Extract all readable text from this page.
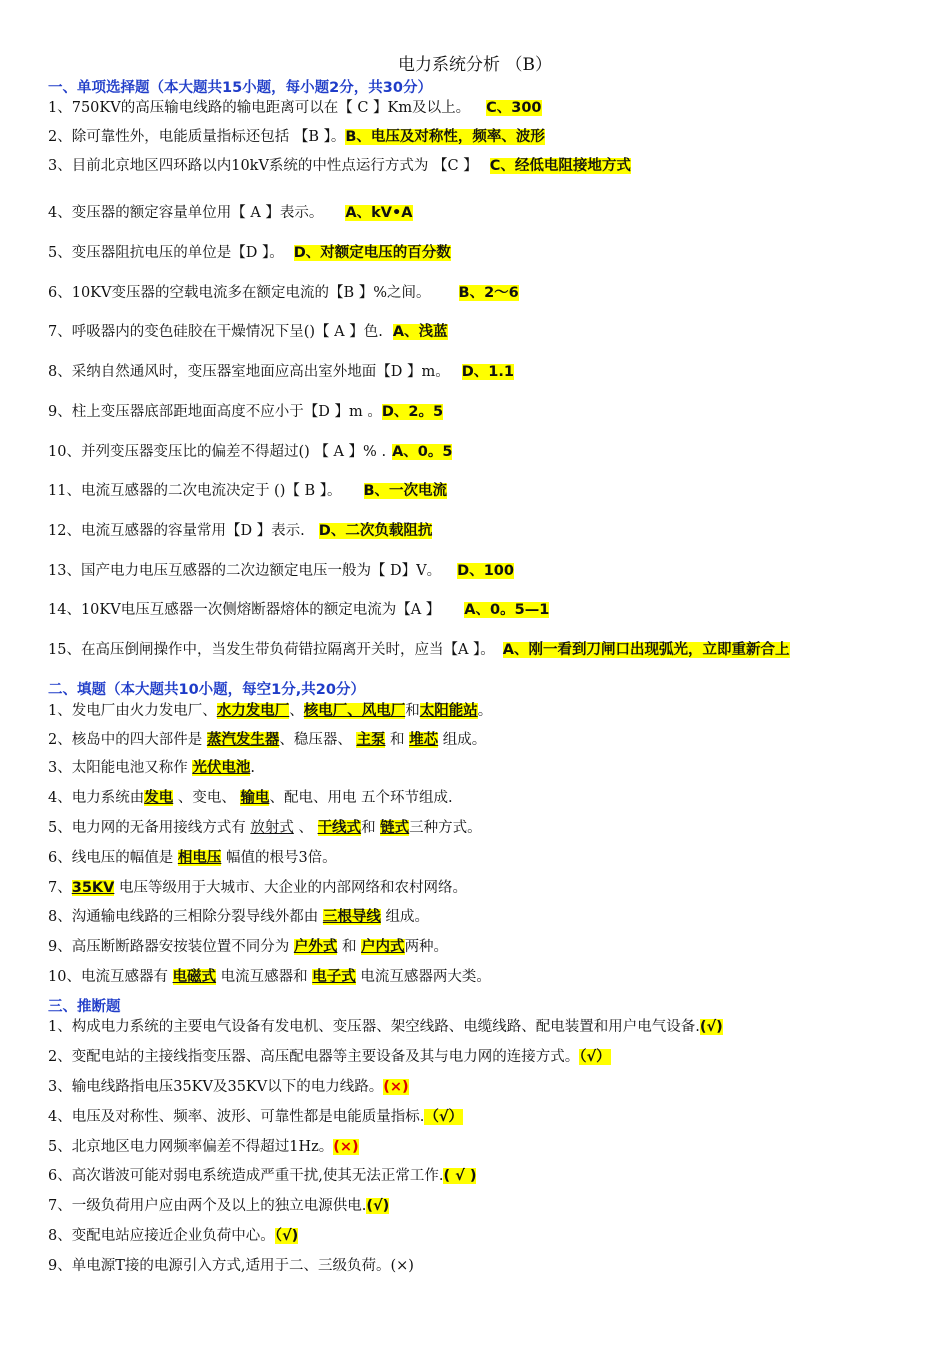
电力系统分析 （B）
一、单项选择题（本大题共15小题，每小题2分，共30分）
1、750KV的高压输电线路的输电距离可以在【 C 】Km及以上。 C、300
2、除可靠性外，电能质量指标还包括 【B 】。B、电压及对称性，频率、波形
3、目前北京地区四环路以内10kV系统的中性点运行方式为 【C 】 C、经低电阻接地方式
4、变压器的额定容量单位用【 A 】表示。 A、kV•A
5、变压器阻抗电压的单位是【D 】。 D、对额定电压的百分数
6、10KV变压器的空载电流多在额定电流的【B 】%之间。 B、2～6
7、呼吸器内的变色硅胶在干燥情况下呈()【 A 】色. A、浅蓝
8、采纳自然通风时，变压器室地面应高出室外地面【D 】m。 D、1.1
9、柱上变压器底部距地面高度不应小于【D 】m 。D、2。5
10、并列变压器变压比的偏差不得超过() 【 A 】% . A、0。5
11、电流互感器的二次电流决定于 ()【 B 】。 B、一次电流
12、电流互感器的容量常用【D 】表示. D、二次负载阻抗
13、国产电力电压互感器的二次边额定电压一般为【 D】V。 D、100
14、10KV电压互感器一次侧熔断器熔体的额定电流为【A 】 A、0。5—1
15、在高压倒闸操作中，当发生带负荷错拉隔离开关时，应当【A 】。 A、刚一看到刀闸口出现弧光，立即重新合上
二、填题（本大题共10小题，每空1分,共20分）
1、发电厂由火力发电厂、水力发电厂、核电厂、风电厂和太阳能站。
2、核岛中的四大部件是 蒸汽发生器、稳压器、 主泵 和 堆芯 组成。
3、太阳能电池又称作 光伏电池.
4、电力系统由发电 、变电、 输电、配电、用电 五个环节组成.
5、电力网的无备用接线方式有 放射式 、 干线式和 链式三种方式。
6、线电压的幅值是 相电压 幅值的根号3倍。
7、35KV 电压等级用于大城市、大企业的内部网络和农村网络。
8、沟通输电线路的三相除分裂导线外都由 三根导线 组成。
9、高压断断路器安按装位置不同分为 户外式 和 户内式两种。
10、电流互感器有 电磁式 电流互感器和 电子式 电流互感器两大类。
三、推断题
1、构成电力系统的主要电气设备有发电机、变压器、架空线路、电缆线路、配电装置和用户电气设备.(√)
2、变配电站的主接线指变压器、高压配电器等主要设备及其与电力网的连接方式。（√）
3、输电线路指电压35KV及35KV以下的电力线路。(×)
4、电压及对称性、频率、波形、可靠性都是电能质量指标.（√）
5、北京地区电力网频率偏差不得超过1Hz。(×)
6、高次谐波可能对弱电系统造成严重干扰,使其无法正常工作.( √ )
7、一级负荷用户应由两个及以上的独立电源供电.(√)
8、变配电站应接近企业负荷中心。（√)
9、单电源T接的电源引入方式,适用于二、三级负荷。(×)
